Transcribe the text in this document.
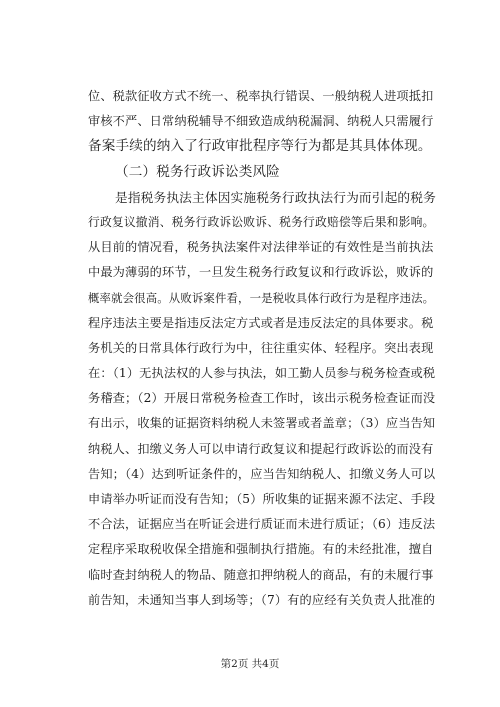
位、税款征收方式不统一、税率执行错误、一般纳税人进项抵扣
审核不严、日常纳税辅导不细致造成纳税漏洞、纳税人只需履行
备案手续的纳入了行政审批程序等行为都是其具体体现。
（二）税务行政诉讼类风险
是指税务执法主体因实施税务行政执法行为而引起的税务
行政复议撤消、税务行政诉讼败诉、税务行政赔偿等后果和影响。
从目前的情况看，税务执法案件对法律举证的有效性是当前执法
中最为薄弱的环节，一旦发生税务行政复议和行政诉讼，败诉的
概率就会很高。从败诉案件看，一是税收具体行政行为是程序违法。
程序违法主要是指违反法定方式或者是违反法定的具体要求。税
务机关的日常具体行政行为中，往往重实体、轻程序。突出表现
在：（1）无执法权的人参与执法，如工勤人员参与税务检查或税
务稽查；（2）开展日常税务检查工作时，该出示税务检查证而没
有出示，收集的证据资料纳税人未签署或者盖章；（3）应当告知
纳税人、扣缴义务人可以申请行政复议和提起行政诉讼的而没有
告知；（4）达到听证条件的，应当告知纳税人、扣缴义务人可以
申请举办听证而没有告知；（5）所收集的证据来源不法定、手段
不合法，证据应当在听证会进行质证而未进行质证；（6）违反法
定程序采取税收保全措施和强制执行措施。有的未经批准，擅自
临时查封纳税人的物品、随意扣押纳税人的商品，有的未履行事
前告知，未通知当事人到场等；（7）有的应经有关负责人批准的
第2页 共4页
